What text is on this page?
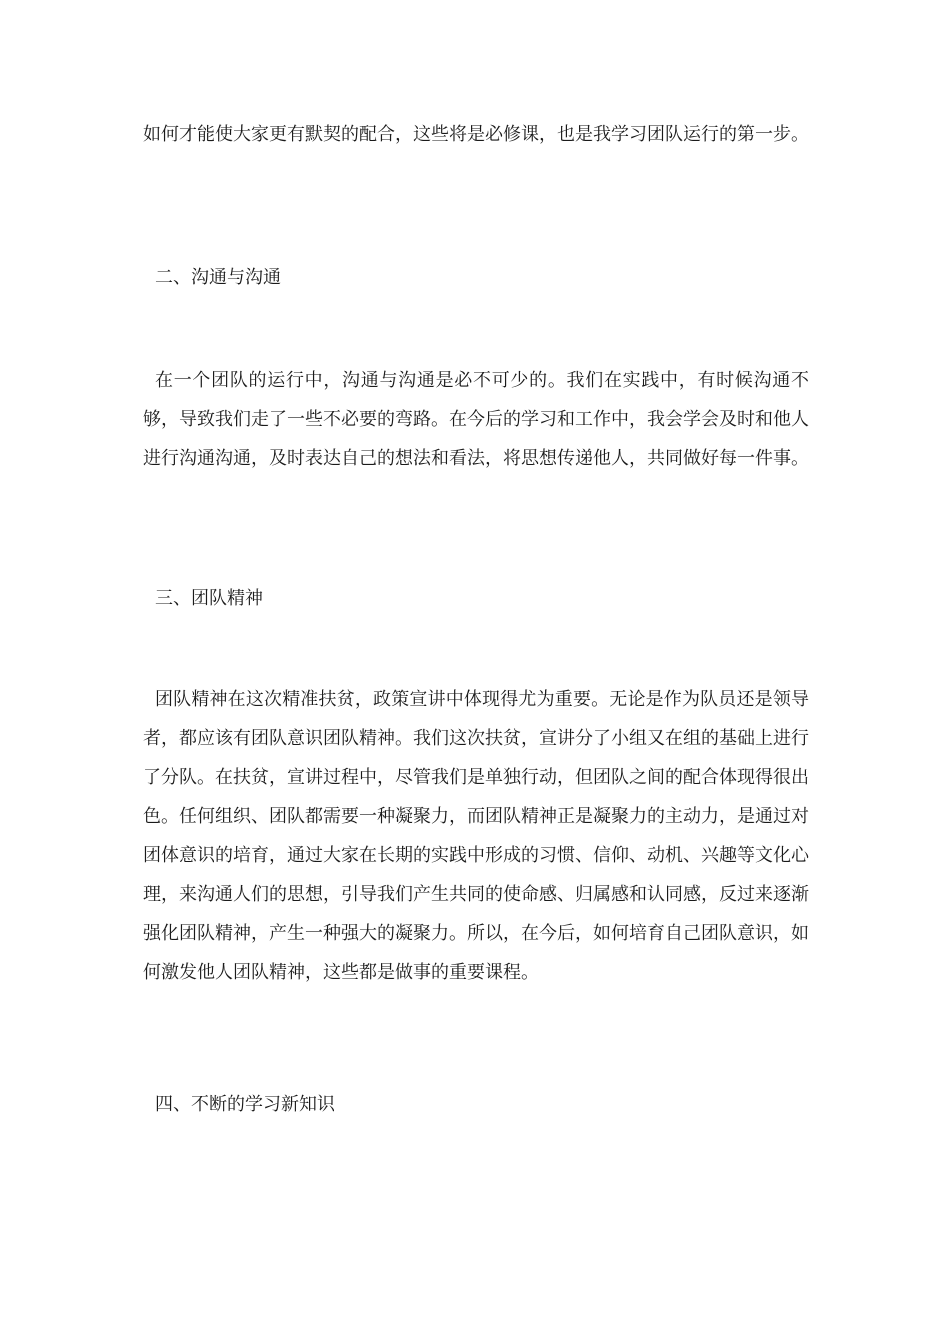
如何才能使大家更有默契的配合，这些将是必修课，也是我学习团队运行的第一步。

二、沟通与沟通

在一个团队的运行中，沟通与沟通是必不可少的。我们在实践中，有时候沟通不够，导致我们走了一些不必要的弯路。在今后的学习和工作中，我会学会及时和他人进行沟通沟通，及时表达自己的想法和看法，将思想传递他人，共同做好每一件事。

三、团队精神

团队精神在这次精准扶贫，政策宣讲中体现得尤为重要。无论是作为队员还是领导者，都应该有团队意识团队精神。我们这次扶贫，宣讲分了小组又在组的基础上进行了分队。在扶贫，宣讲过程中，尽管我们是单独行动，但团队之间的配合体现得很出色。任何组织、团队都需要一种凝聚力，而团队精神正是凝聚力的主动力，是通过对团体意识的培育，通过大家在长期的实践中形成的习惯、信仰、动机、兴趣等文化心理，来沟通人们的思想，引导我们产生共同的使命感、归属感和认同感，反过来逐渐强化团队精神，产生一种强大的凝聚力。所以，在今后，如何培育自己团队意识，如何激发他人团队精神，这些都是做事的重要课程。

四、不断的学习新知识
